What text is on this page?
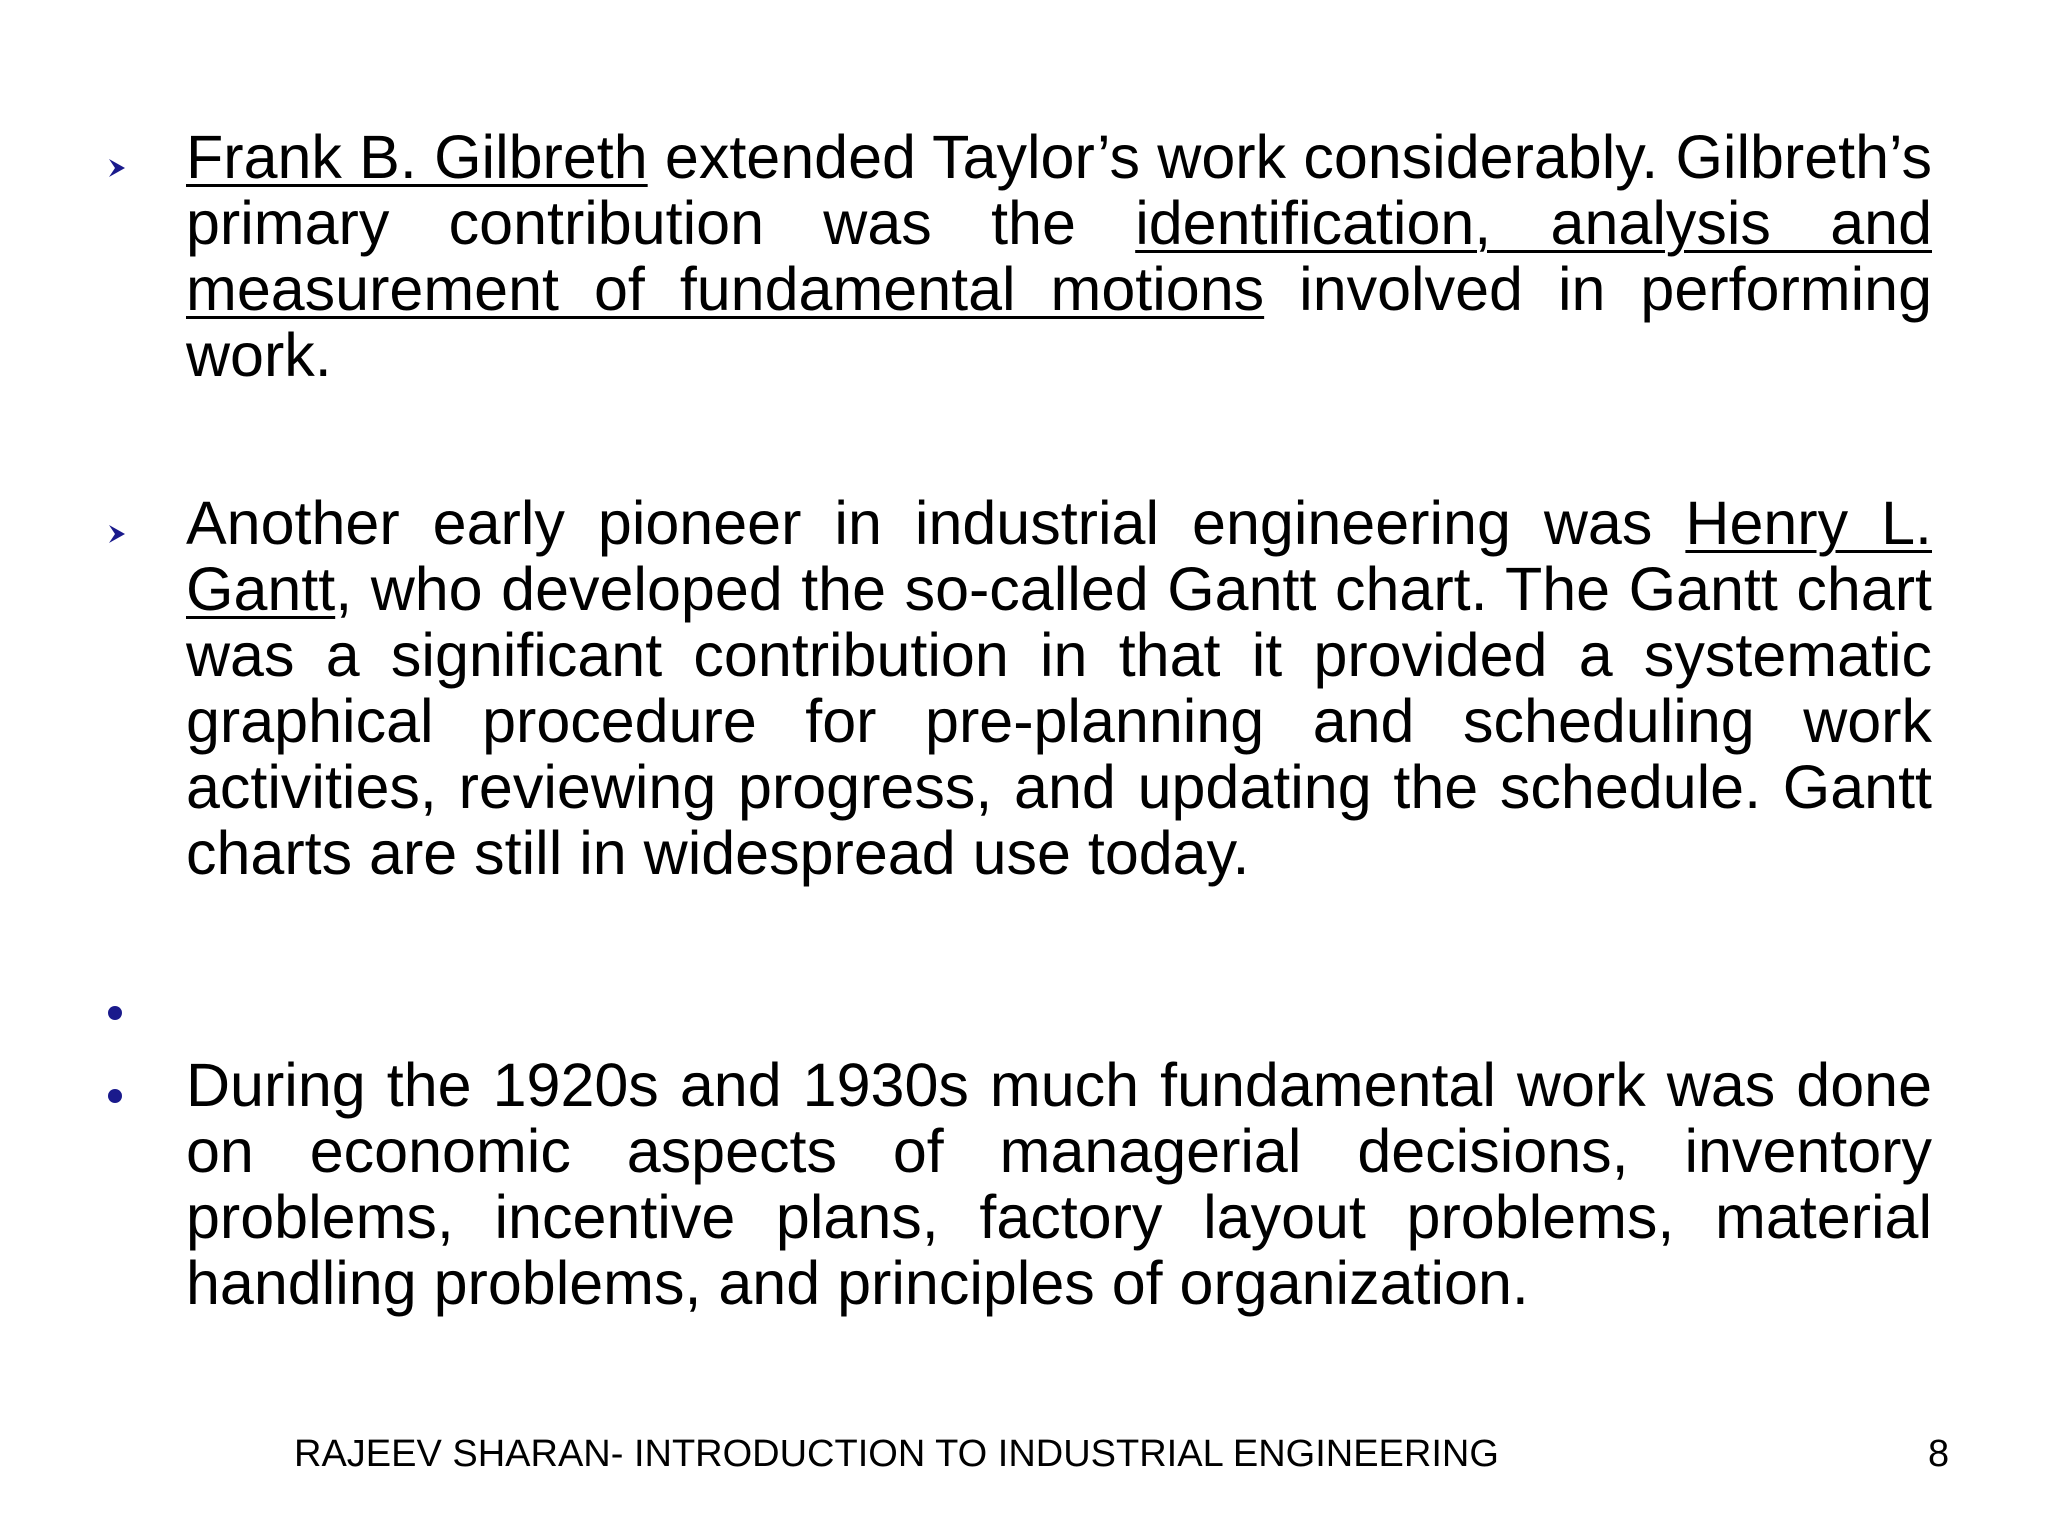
Frank B. Gilbreth extended Taylor’s work considerably. Gilbreth’s primary contribution was the identification, analysis and measurement of fundamental motions involved in performing work.

Another early pioneer in industrial engineering was Henry L. Gantt, who developed the so-called Gantt chart. The Gantt chart was a significant contribution in that it provided a systematic graphical procedure for pre-planning and scheduling work activities, reviewing progress, and updating the schedule. Gantt charts are still in widespread use today.

During the 1920s and 1930s much fundamental work was done on economic aspects of managerial decisions, inventory problems, incentive plans, factory layout problems, material handling problems, and principles of organization.

RAJEEV SHARAN- INTRODUCTION TO INDUSTRIAL ENGINEERING	8
